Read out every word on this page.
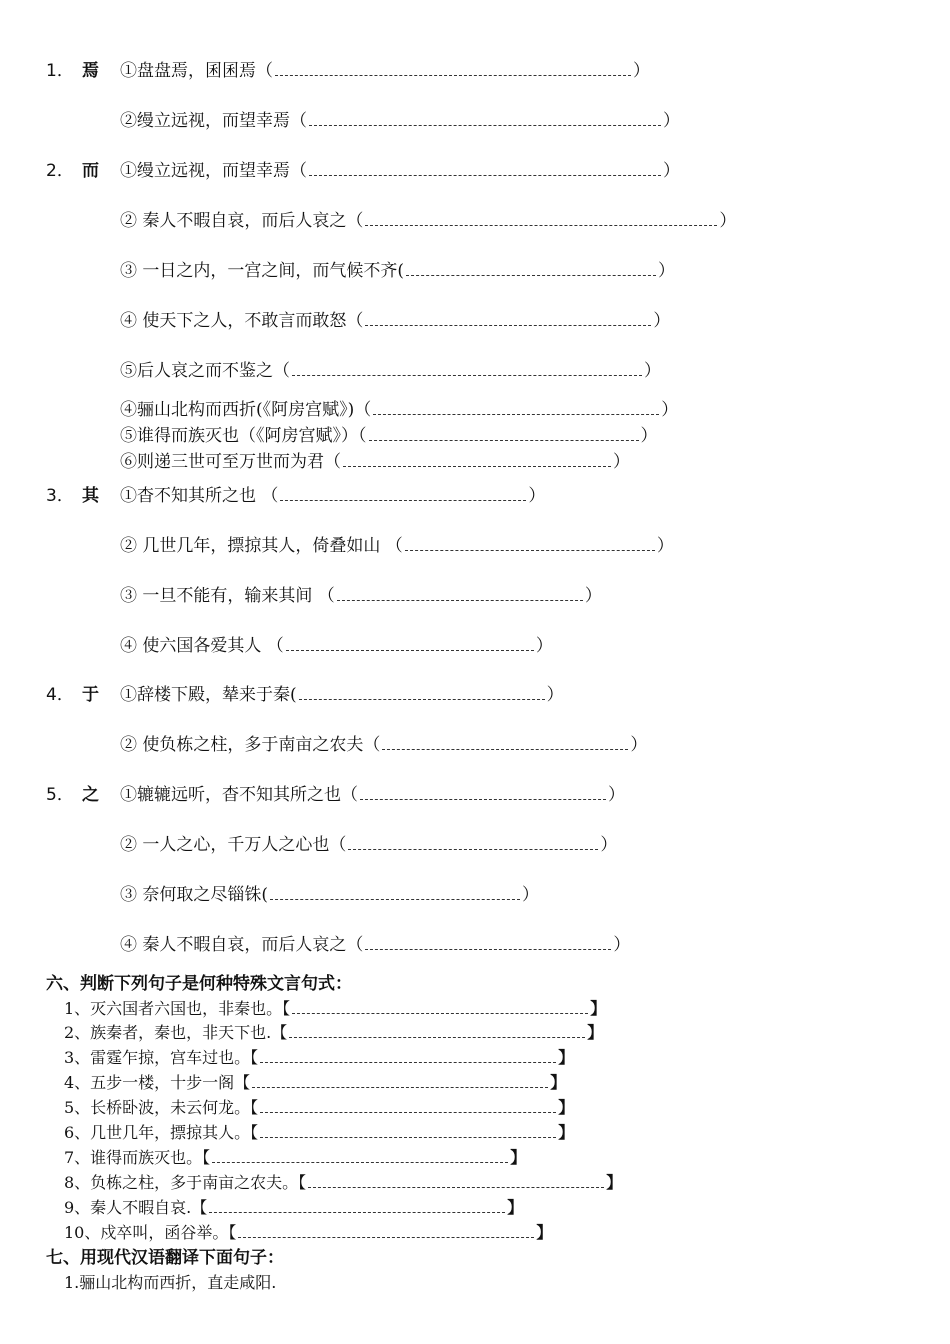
1． 焉 ①盘盘焉，囷囷焉（	）
②缦立远视，而望幸焉（	）
2． 而 ①缦立远视，而望幸焉（	）
② 秦人不暇自哀，而后人哀之（	）
③ 一日之内，一宫之间，而气候不齐(	）
④ 使天下之人，不敢言而敢怒（	）
⑤后人哀之而不鉴之（	）
④骊山北构而西折(《阿房宫赋》)（	）
⑤谁得而族灭也（《阿房宫赋》）（	）
⑥则递三世可至万世而为君（	）
3． 其 ①杳不知其所之也 （	）
② 几世几年，摽掠其人，倚叠如山 （	）
③ 一旦不能有，输来其间 （	）
④ 使六国各爱其人 （	）
4． 于 ①辞楼下殿，辇来于秦(	）
② 使负栋之柱，多于南亩之农夫（	）
5． 之 ①辘辘远听，杳不知其所之也（	）
② 一人之心，千万人之心也（	）
③ 奈何取之尽锱铢(	）
④ 秦人不暇自哀，而后人哀之（	）
六、判断下列句子是何种特殊文言句式：
1、灭六国者六国也，非秦也。【	】
2、族秦者，秦也，非天下也.【	】
3、雷霆乍掠，宫车过也。【	】
4、五步一楼，十步一阁【	】
5、长桥卧波，未云何龙。【	】
6、几世几年，摽掠其人。【	】
7、谁得而族灭也。【	】
8、负栋之柱，多于南亩之农夫。【	】
9、秦人不暇自哀.【	】
10、戍卒叫，函谷举。【	】
七、用现代汉语翻译下面句子：
1.骊山北构而西折，直走咸阳.
